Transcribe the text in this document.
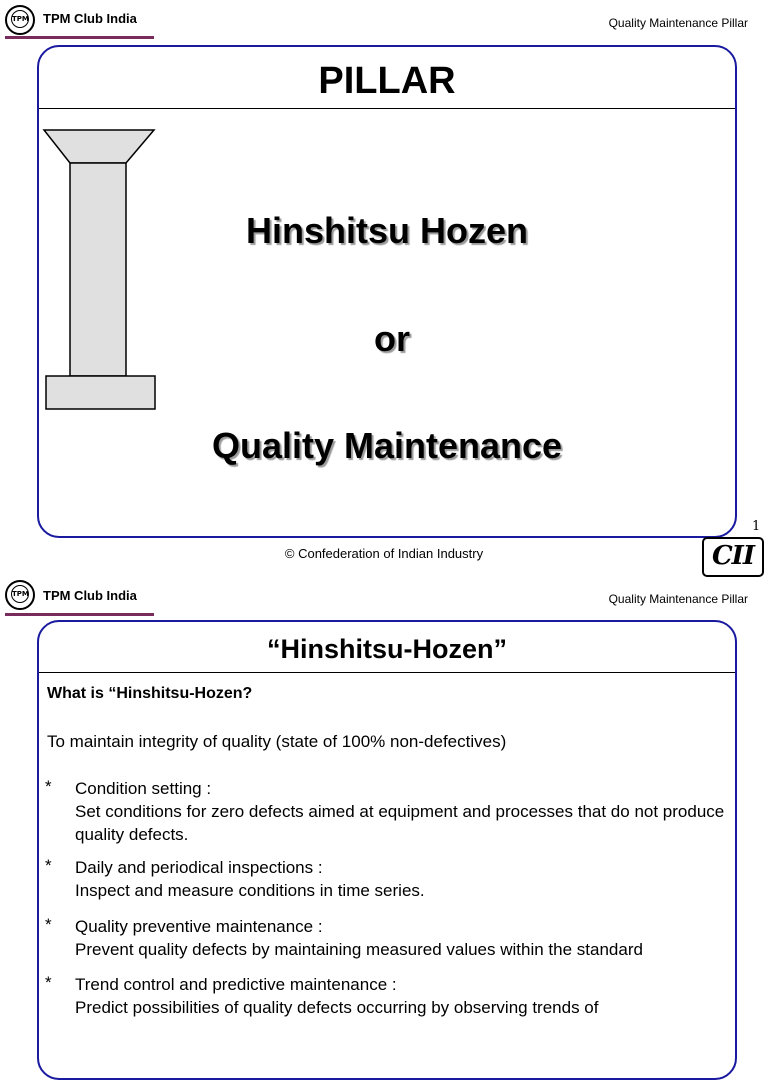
TPM TPM Club India	Quality Maintenance Pillar
PILLAR
Hinshitsu Hozen
or
Quality Maintenance
1
© Confederation of Indian Industry	CII
TPM TPM Club India	Quality Maintenance Pillar
“Hinshitsu-Hozen”
What is “Hinshitsu-Hozen?
To maintain integrity of quality (state of 100% non-defectives)
* Condition setting :
Set conditions for zero defects aimed at equipment and processes that do not produce quality defects.
* Daily and periodical inspections :
Inspect and measure conditions in time series.
* Quality preventive maintenance :
Prevent quality defects by maintaining measured values within the standard
* Trend control and predictive maintenance :
Predict possibilities of quality defects occurring by observing trends of
